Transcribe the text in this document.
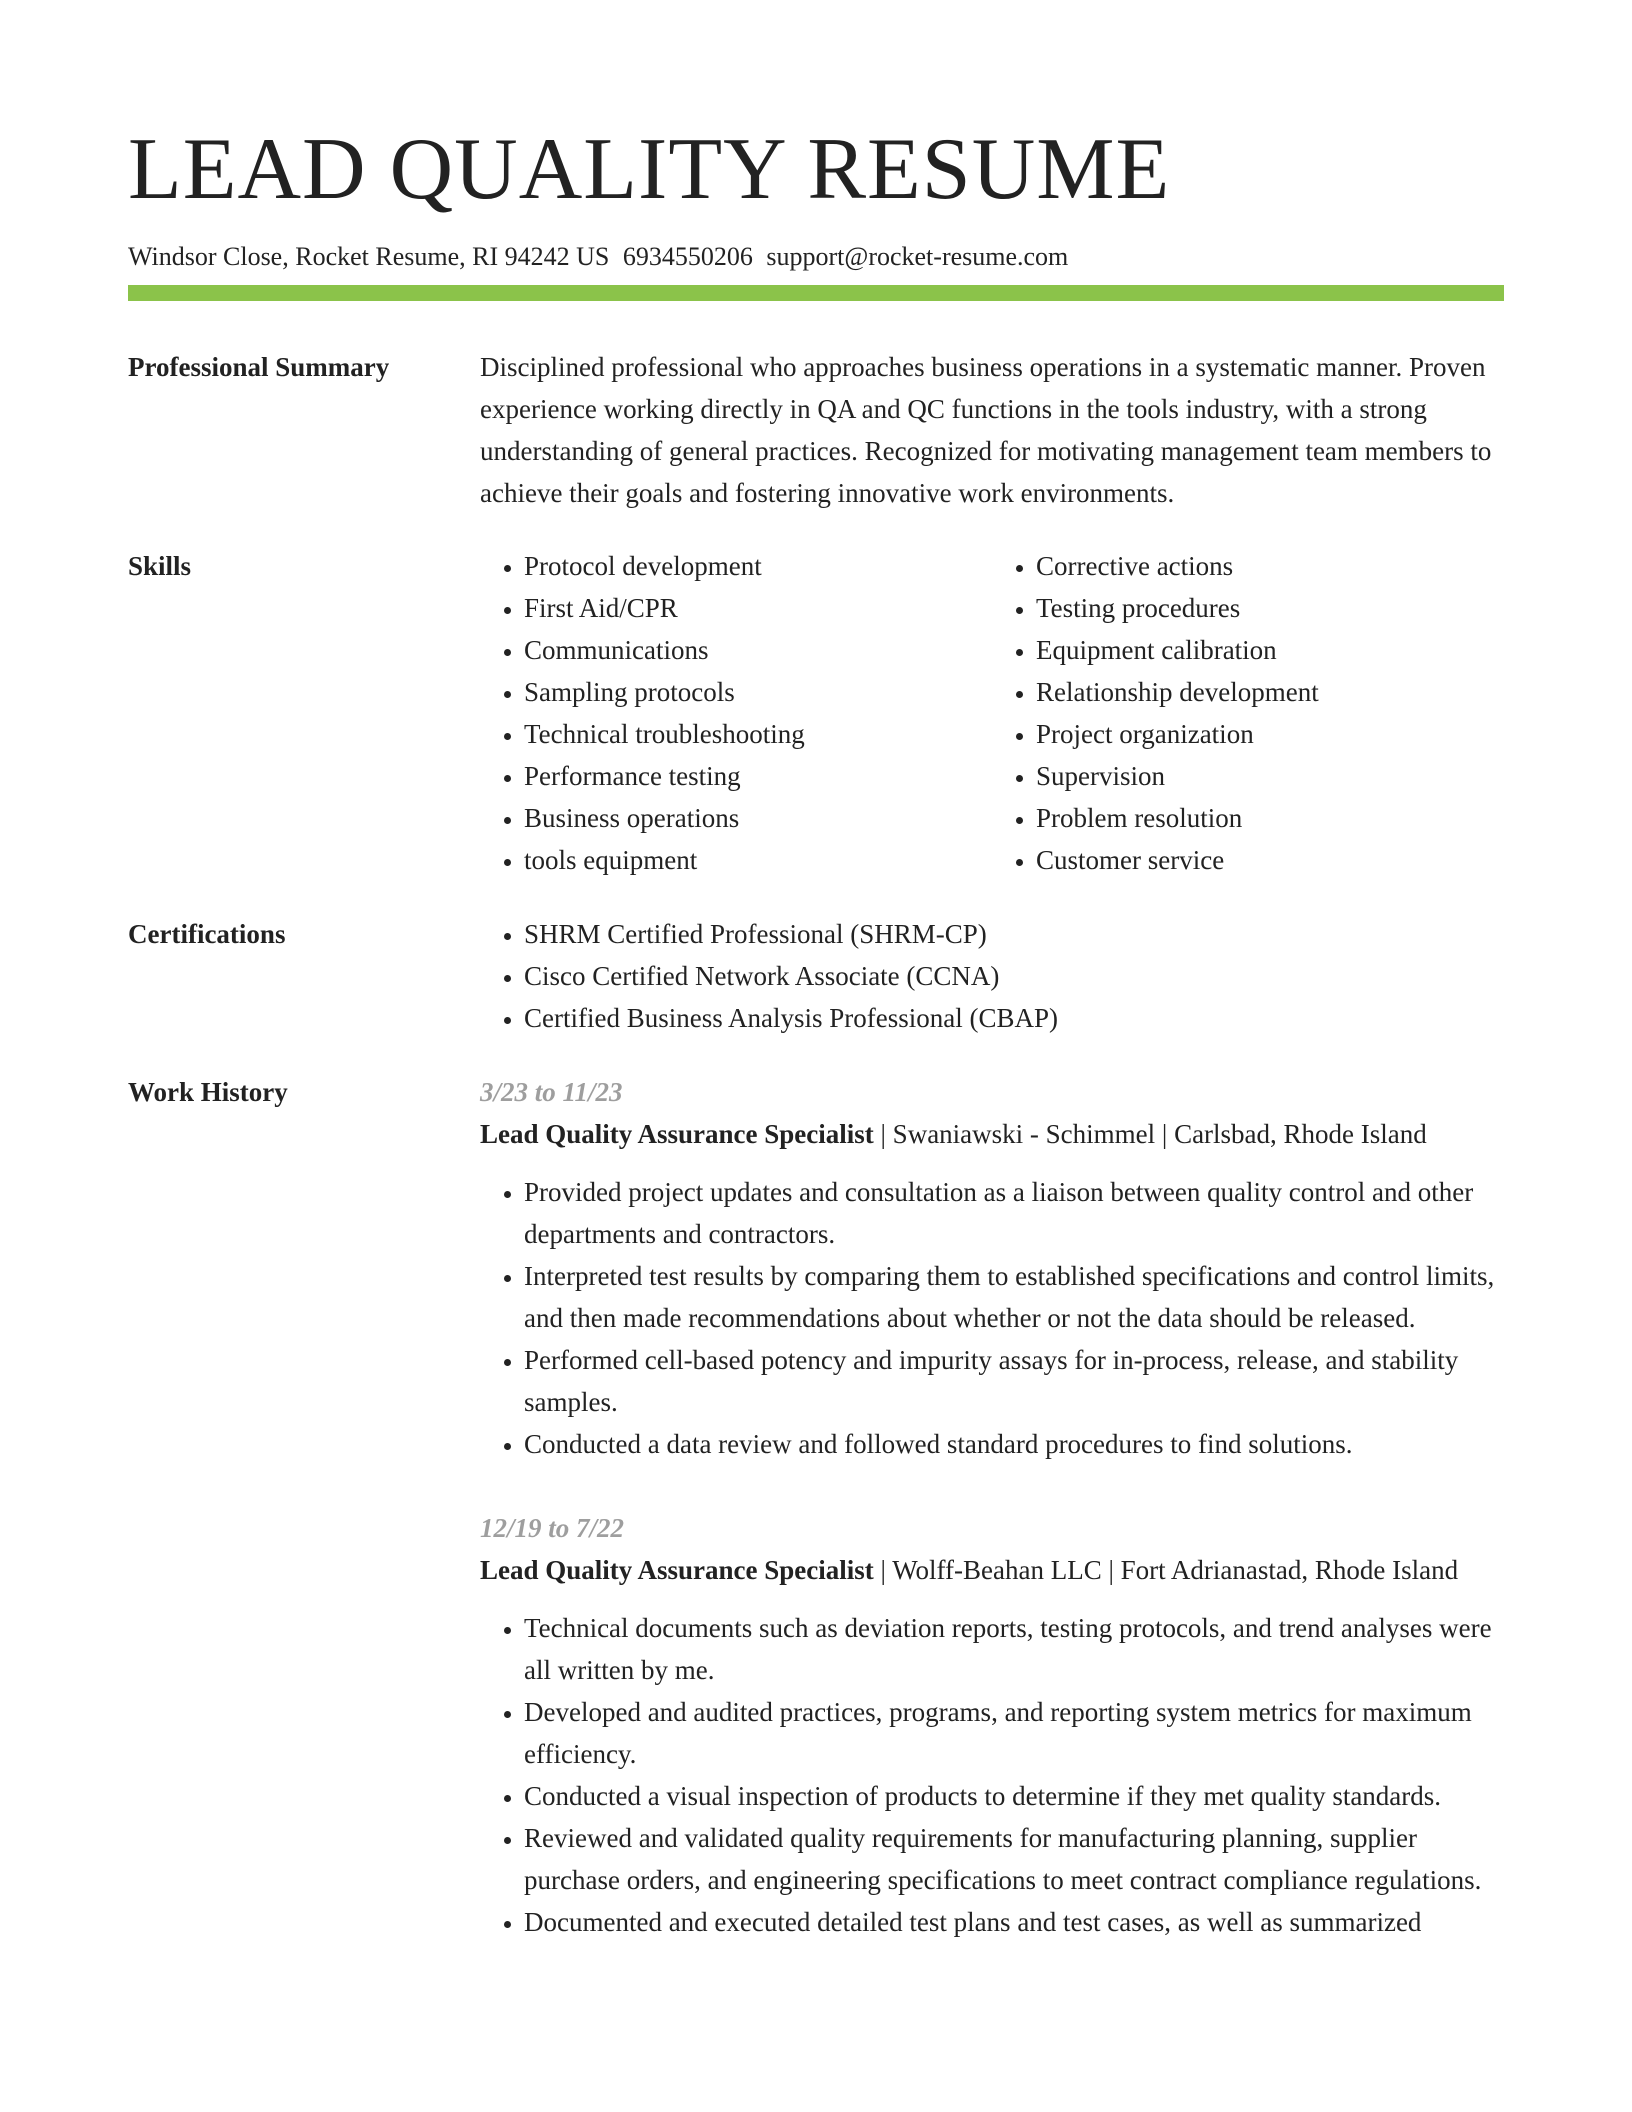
LEAD QUALITY RESUME
Windsor Close, Rocket Resume, RI 94242 US 6934550206 support@rocket-resume.com
Professional Summary	Disciplined professional who approaches business operations in a systematic manner. Proven experience working directly in QA and QC functions in the tools industry, with a strong understanding of general practices. Recognized for motivating management team members to achieve their goals and fostering innovative work environments.
Skills	• Protocol development
• First Aid/CPR
• Communications
• Sampling protocols
• Technical troubleshooting
• Performance testing
• Business operations
• tools equipment
• Corrective actions
• Testing procedures
• Equipment calibration
• Relationship development
• Project organization
• Supervision
• Problem resolution
• Customer service
Certifications	• SHRM Certified Professional (SHRM-CP)
• Cisco Certified Network Associate (CCNA)
• Certified Business Analysis Professional (CBAP)
Work History	3/23 to 11/23
Lead Quality Assurance Specialist | Swaniawski - Schimmel | Carlsbad, Rhode Island
• Provided project updates and consultation as a liaison between quality control and other departments and contractors.
• Interpreted test results by comparing them to established specifications and control limits, and then made recommendations about whether or not the data should be released.
• Performed cell-based potency and impurity assays for in-process, release, and stability samples.
• Conducted a data review and followed standard procedures to find solutions.
12/19 to 7/22
Lead Quality Assurance Specialist | Wolff-Beahan LLC | Fort Adrianastad, Rhode Island
• Technical documents such as deviation reports, testing protocols, and trend analyses were all written by me.
• Developed and audited practices, programs, and reporting system metrics for maximum efficiency.
• Conducted a visual inspection of products to determine if they met quality standards.
• Reviewed and validated quality requirements for manufacturing planning, supplier purchase orders, and engineering specifications to meet contract compliance regulations.
• Documented and executed detailed test plans and test cases, as well as summarized
